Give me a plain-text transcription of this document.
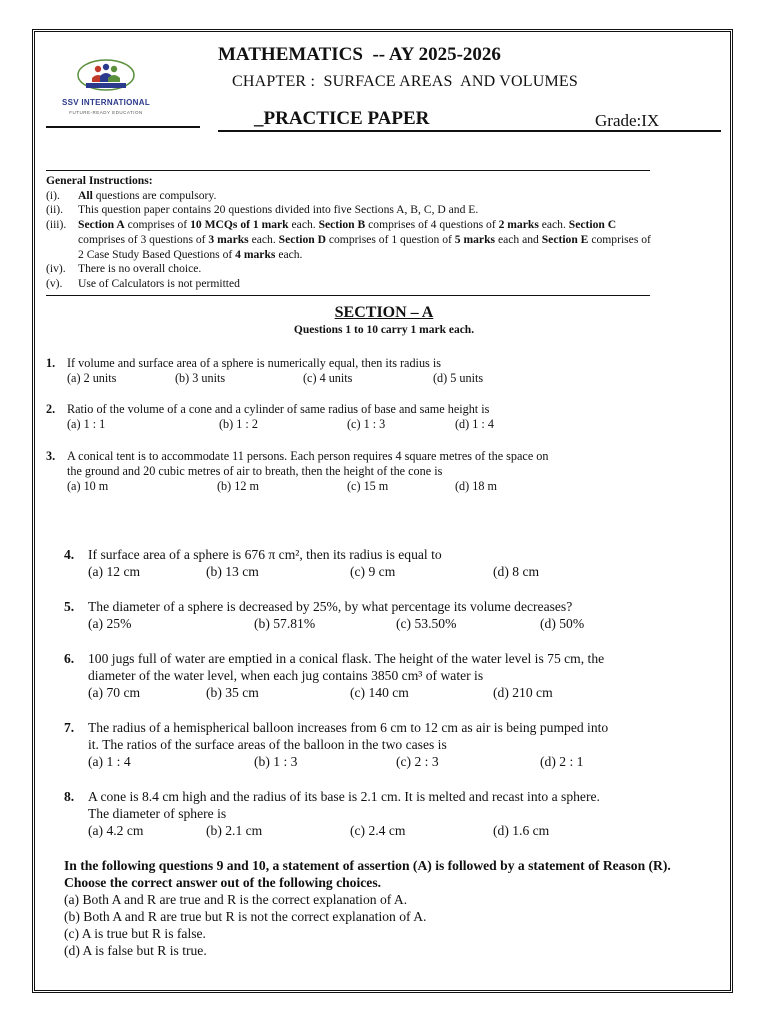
SSV INTERNATIONAL
FUTURE-READY EDUCATION
MATHEMATICS  -- AY 2025-2026
CHAPTER :  SURFACE AREAS  AND VOLUMES
_PRACTICE PAPER	Grade:IX
General Instructions:
(i).	All questions are compulsory.
(ii).	This question paper contains 20 questions divided into five Sections A, B, C, D and E.
(iii).	Section A comprises of 10 MCQs of 1 mark each. Section B comprises of 4 questions of 2 marks each. Section C comprises of 3 questions of 3 marks each. Section D comprises of 1 question of 5 marks each and Section E comprises of 2 Case Study Based Questions of 4 marks each.
(iv).	There is no overall choice.
(v).	Use of Calculators is not permitted
SECTION – A
Questions 1 to 10 carry 1 mark each.
1. If volume and surface area of a sphere is numerically equal, then its radius is
(a) 2 units	(b) 3 units	(c) 4 units	(d) 5 units
2. Ratio of the volume of a cone and a cylinder of same radius of base and same height is
(a) 1 : 1	(b) 1 : 2	(c) 1 : 3	(d) 1 : 4
3. A conical tent is to accommodate 11 persons. Each person requires 4 square metres of the space on
the ground and 20 cubic metres of air to breath, then the height of the cone is
(a) 10 m	(b) 12 m	(c) 15 m	(d) 18 m
4.	If surface area of a sphere is 676 π cm², then its radius is equal to
(a) 12 cm	(b) 13 cm	(c) 9 cm	(d) 8 cm
5.	The diameter of a sphere is decreased by 25%, by what percentage its volume decreases?
(a) 25%	(b) 57.81%	(c) 53.50%	(d) 50%
6.	100 jugs full of water are emptied in a conical flask. The height of the water level is 75 cm, the
diameter of the water level, when each jug contains 3850 cm³ of water is
(a) 70 cm	(b) 35 cm	(c) 140 cm	(d) 210 cm
7.	The radius of a hemispherical balloon increases from 6 cm to 12 cm as air is being pumped into
it. The ratios of the surface areas of the balloon in the two cases is
(a) 1 : 4	(b) 1 : 3	(c) 2 : 3	(d) 2 : 1
8.	A cone is 8.4 cm high and the radius of its base is 2.1 cm. It is melted and recast into a sphere.
The diameter of sphere is
(a) 4.2 cm	(b) 2.1 cm	(c) 2.4 cm	(d) 1.6 cm
In the following questions 9 and 10, a statement of assertion (A) is followed by a statement of Reason (R). Choose the correct answer out of the following choices.
(a) Both A and R are true and R is the correct explanation of A.
(b) Both A and R are true but R is not the correct explanation of A.
(c) A is true but R is false.
(d) A is false but R is true.
